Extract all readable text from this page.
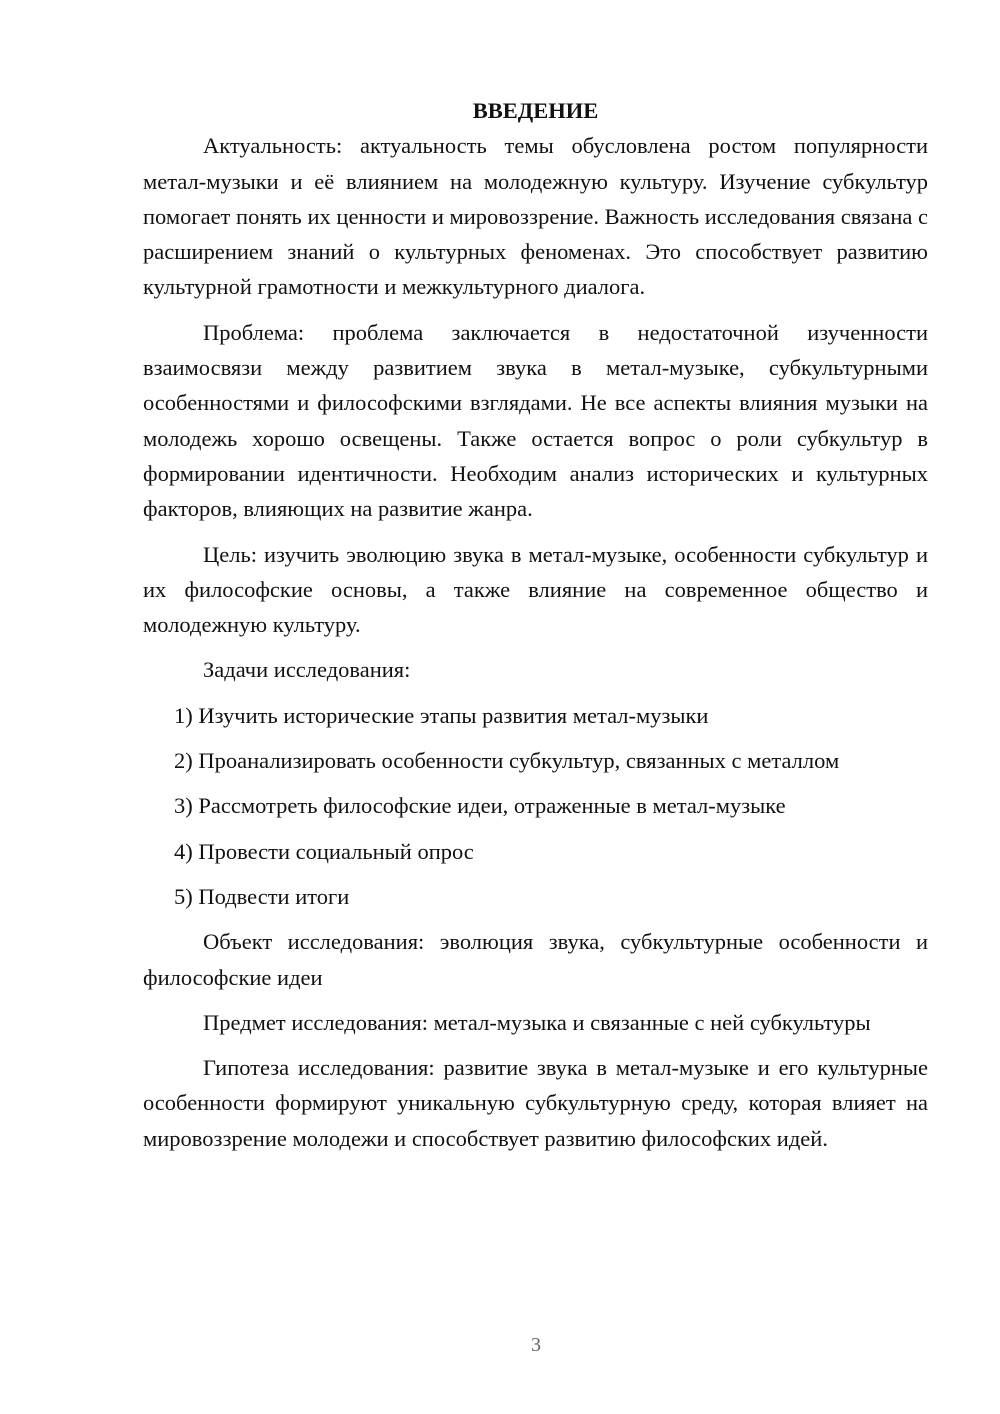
ВВЕДЕНИЕ

Актуальность: актуальность темы обусловлена ростом популярности метал-музыки и её влиянием на молодежную культуру. Изучение субкультур помогает понять их ценности и мировоззрение. Важность исследования связана с расширением знаний о культурных феноменах. Это способствует развитию культурной грамотности и межкультурного диалога.

Проблема: проблема заключается в недостаточной изученности взаимосвязи между развитием звука в метал-музыке, субкультурными особенностями и философскими взглядами. Не все аспекты влияния музыки на молодежь хорошо освещены. Также остается вопрос о роли субкультур в формировании идентичности. Необходим анализ исторических и культурных факторов, влияющих на развитие жанра.

Цель: изучить эволюцию звука в метал-музыке, особенности субкультур и их философские основы, а также влияние на современное общество и молодежную культуру.

Задачи исследования:

1) Изучить исторические этапы развития метал-музыки
2) Проанализировать особенности субкультур, связанных с металлом
3) Рассмотреть философские идеи, отраженные в метал-музыке
4) Провести социальный опрос
5) Подвести итоги

Объект исследования: эволюция звука, субкультурные особенности и философские идеи

Предмет исследования: метал-музыка и связанные с ней субкультуры

Гипотеза исследования: развитие звука в метал-музыке и его культурные особенности формируют уникальную субкультурную среду, которая влияет на мировоззрение молодежи и способствует развитию философских идей.

3
